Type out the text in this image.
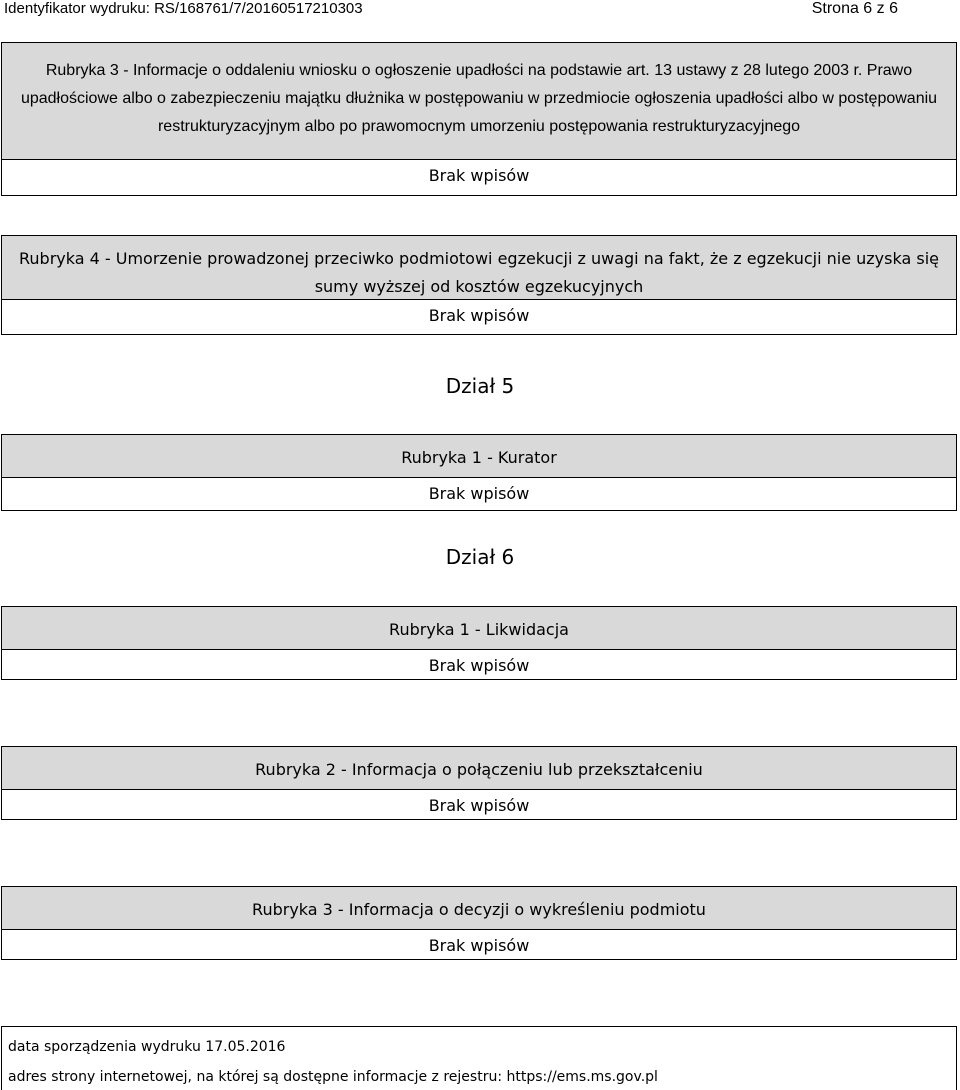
Identyfikator wydruku: RS/168761/7/20160517210303	Strona 6 z 6
Rubryka 3 - Informacje o oddaleniu wniosku o ogłoszenie upadłości na podstawie art. 13 ustawy z 28 lutego 2003 r. Prawo upadłościowe albo o zabezpieczeniu majątku dłużnika w postępowaniu w przedmiocie ogłoszenia upadłości albo w postępowaniu restrukturyzacyjnym albo po prawomocnym umorzeniu postępowania restrukturyzacyjnego
Brak wpisów
Rubryka 4 - Umorzenie prowadzonej przeciwko podmiotowi egzekucji z uwagi na fakt, że z egzekucji nie uzyska się sumy wyższej od kosztów egzekucyjnych
Brak wpisów
Dział 5
Rubryka 1 - Kurator
Brak wpisów
Dział 6
Rubryka 1 - Likwidacja
Brak wpisów
Rubryka 2 - Informacja o połączeniu lub przekształceniu
Brak wpisów
Rubryka 3 - Informacja o decyzji o wykreśleniu podmiotu
Brak wpisów
data sporządzenia wydruku 17.05.2016
adres strony internetowej, na której są dostępne informacje z rejestru: https://ems.ms.gov.pl
